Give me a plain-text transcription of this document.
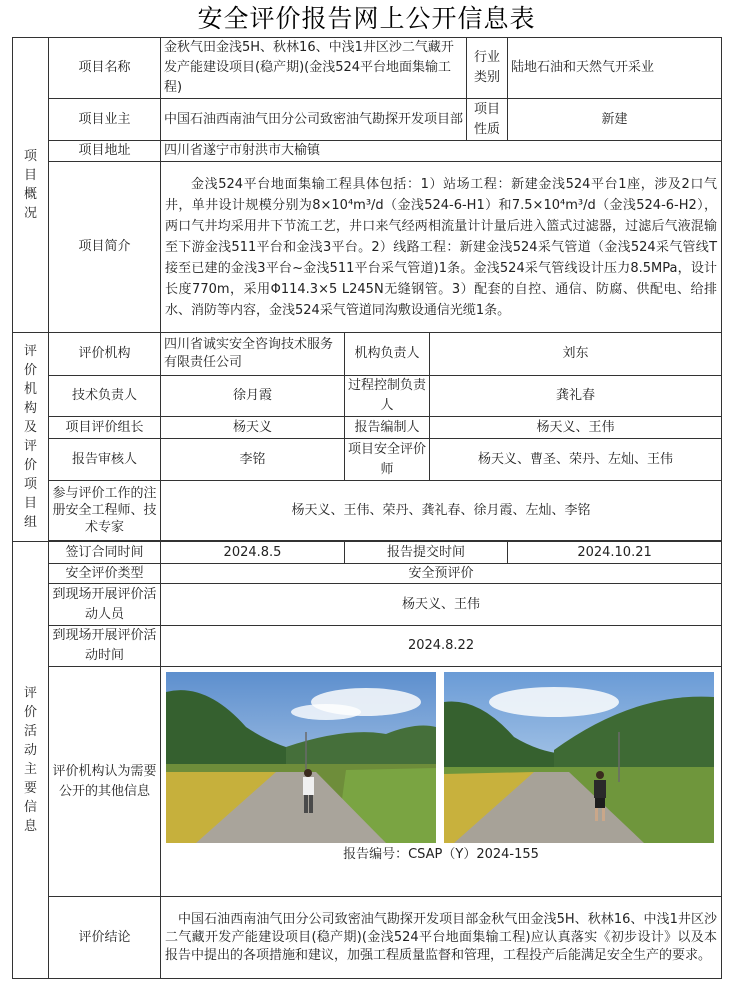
安全评价报告网上公开信息表
项目概况	项目名称	金秋气田金浅5H、秋林16、中浅1井区沙二气藏开发产能建设项目(稳产期)(金浅524平台地面集输工程)			行业类别	陆地石油和天然气开采业
	项目业主	中国石油西南油气田分公司致密油气勘探开发项目部			项目性质	新建
	项目地址	四川省遂宁市射洪市大榆镇				
	项目简介	金浅524平台地面集输工程具体包括：1）站场工程：新建金浅524平台1座，涉及2口气井，单井设计规模分别为8×10⁴m³/d（金浅524-6-H1）和7.5×10⁴m³/d（金浅524-6-H2），两口气井均采用井下节流工艺，井口来气经两相流量计计量后进入篮式过滤器，过滤后气液混输至下游金浅511平台和金浅3平台。2）线路工程：新建金浅524采气管道（金浅524采气管线T接至已建的金浅3平台~金浅511平台采气管道)1条。金浅524采气管线设计压力8.5MPa，设计长度770m，采用Φ114.3×5 L245N无缝钢管。3）配套的自控、通信、防腐、供配电、给排水、消防等内容，金浅524采气管道同沟敷设通信光缆1条。				
评价机构及评价项目组	评价机构	四川省诚实安全咨询技术服务有限责任公司	机构负责人	刘东		
	技术负责人	徐月霞	过程控制负责人	龚礼春		
	项目评价组长	杨天义	报告编制人	杨天义、王伟		
	报告审核人	李铭	项目安全评价师	杨天义、曹圣、荣丹、左灿、王伟		
	参与评价工作的注册安全工程师、技术专家	杨天义、王伟、荣丹、龚礼春、徐月霞、左灿、李铭				

评价活动主要信息	签订合同时间	2024.8.5	报告提交时间			2024.10.21
	安全评价类型	安全预评价				
	到现场开展评价活动人员	杨天义、王伟				
	到现场开展评价活动时间	2024.8.22				
	评价机构认为需要公开的其他信息	报告编号：CSAP（Y）2024-155				

	评价结论	中国石油西南油气田分公司致密油气勘探开发项目部金秋气田金浅5H、秋林16、中浅1井区沙二气藏开发产能建设项目(稳产期)(金浅524平台地面集输工程)应认真落实《初步设计》以及本报告中提出的各项措施和建议，加强工程质量监督和管理，工程投产后能满足安全生产的要求。				
